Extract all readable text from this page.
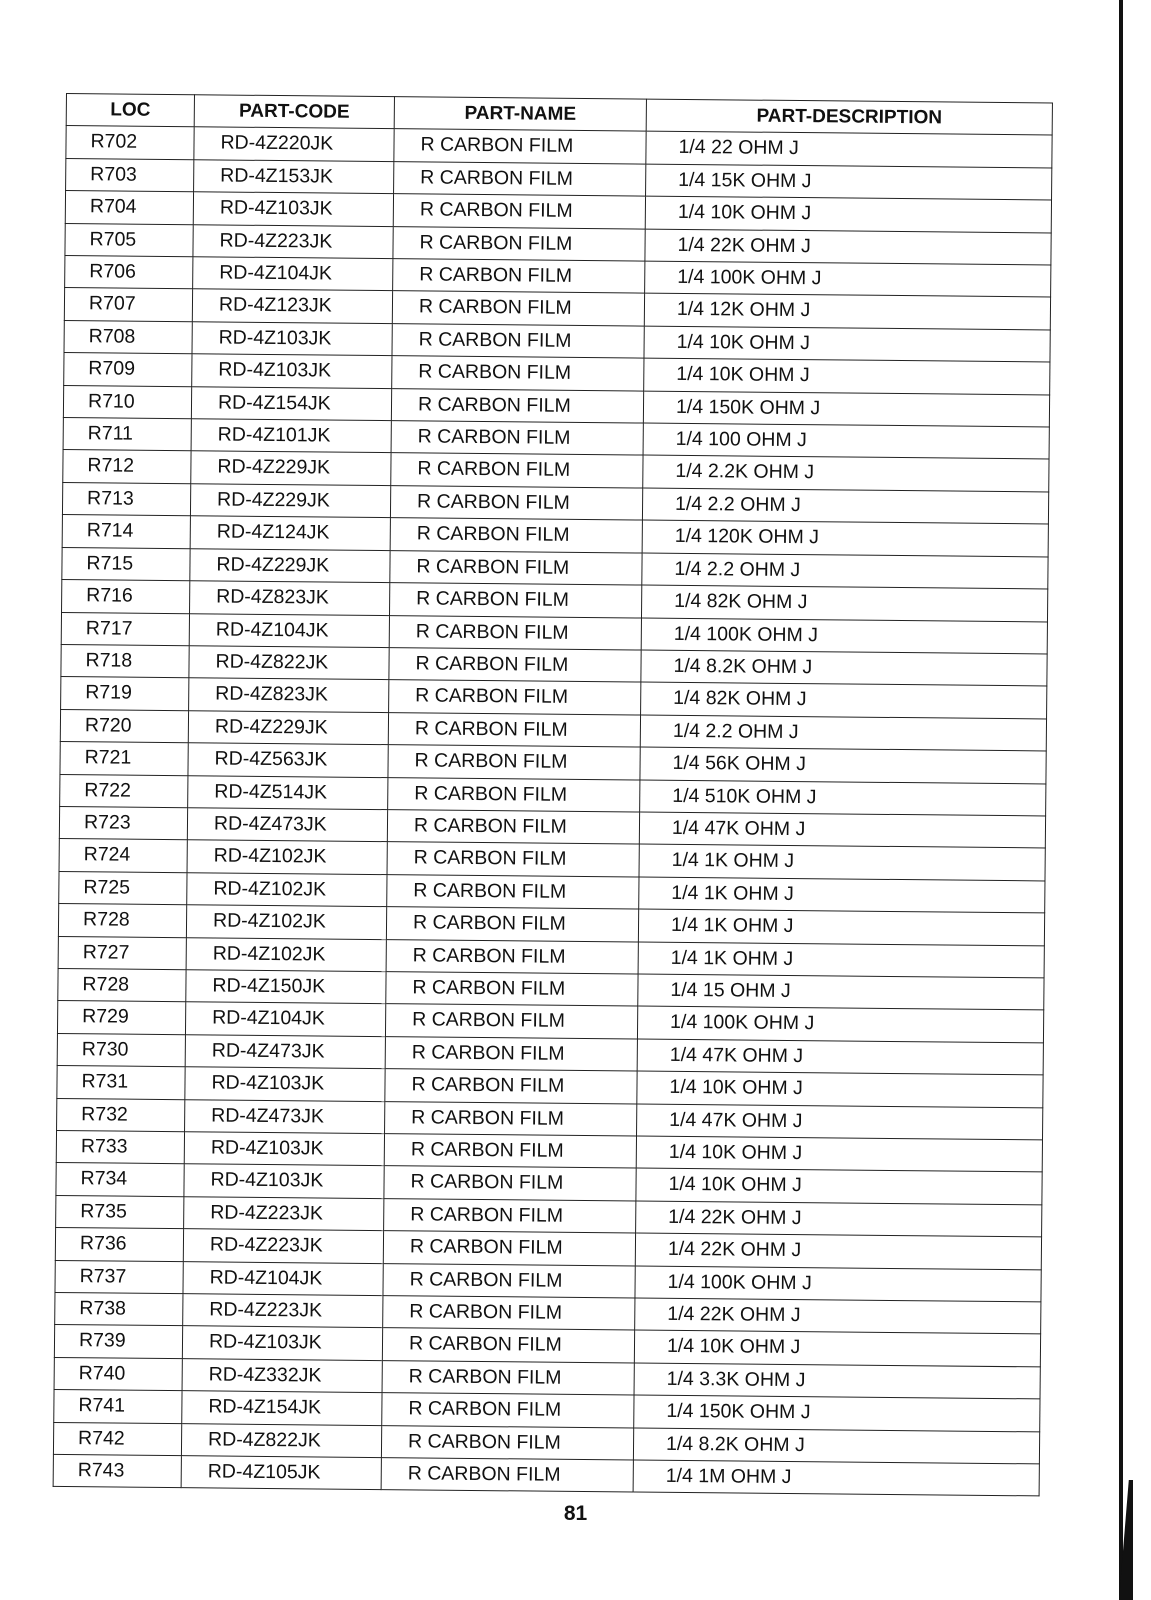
LOC	PART-CODE	PART-NAME	PART-DESCRIPTION
R702	RD-4Z220JK	R CARBON FILM	1/4 22 OHM J
R703	RD-4Z153JK	R CARBON FILM	1/4 15K OHM J
R704	RD-4Z103JK	R CARBON FILM	1/4 10K OHM J
R705	RD-4Z223JK	R CARBON FILM	1/4 22K OHM J
R706	RD-4Z104JK	R CARBON FILM	1/4 100K OHM J
R707	RD-4Z123JK	R CARBON FILM	1/4 12K OHM J
R708	RD-4Z103JK	R CARBON FILM	1/4 10K OHM J
R709	RD-4Z103JK	R CARBON FILM	1/4 10K OHM J
R710	RD-4Z154JK	R CARBON FILM	1/4 150K OHM J
R711	RD-4Z101JK	R CARBON FILM	1/4 100 OHM J
R712	RD-4Z229JK	R CARBON FILM	1/4 2.2K OHM J
R713	RD-4Z229JK	R CARBON FILM	1/4 2.2 OHM J
R714	RD-4Z124JK	R CARBON FILM	1/4 120K OHM J
R715	RD-4Z229JK	R CARBON FILM	1/4 2.2 OHM J
R716	RD-4Z823JK	R CARBON FILM	1/4 82K OHM J
R717	RD-4Z104JK	R CARBON FILM	1/4 100K OHM J
R718	RD-4Z822JK	R CARBON FILM	1/4 8.2K OHM J
R719	RD-4Z823JK	R CARBON FILM	1/4 82K OHM J
R720	RD-4Z229JK	R CARBON FILM	1/4 2.2 OHM J
R721	RD-4Z563JK	R CARBON FILM	1/4 56K OHM J
R722	RD-4Z514JK	R CARBON FILM	1/4 510K OHM J
R723	RD-4Z473JK	R CARBON FILM	1/4 47K OHM J
R724	RD-4Z102JK	R CARBON FILM	1/4 1K OHM J
R725	RD-4Z102JK	R CARBON FILM	1/4 1K OHM J
R728	RD-4Z102JK	R CARBON FILM	1/4 1K OHM J
R727	RD-4Z102JK	R CARBON FILM	1/4 1K OHM J
R728	RD-4Z150JK	R CARBON FILM	1/4 15 OHM J
R729	RD-4Z104JK	R CARBON FILM	1/4 100K OHM J
R730	RD-4Z473JK	R CARBON FILM	1/4 47K OHM J
R731	RD-4Z103JK	R CARBON FILM	1/4 10K OHM J
R732	RD-4Z473JK	R CARBON FILM	1/4 47K OHM J
R733	RD-4Z103JK	R CARBON FILM	1/4 10K OHM J
R734	RD-4Z103JK	R CARBON FILM	1/4 10K OHM J
R735	RD-4Z223JK	R CARBON FILM	1/4 22K OHM J
R736	RD-4Z223JK	R CARBON FILM	1/4 22K OHM J
R737	RD-4Z104JK	R CARBON FILM	1/4 100K OHM J
R738	RD-4Z223JK	R CARBON FILM	1/4 22K OHM J
R739	RD-4Z103JK	R CARBON FILM	1/4 10K OHM J
R740	RD-4Z332JK	R CARBON FILM	1/4 3.3K OHM J
R741	RD-4Z154JK	R CARBON FILM	1/4 150K OHM J
R742	RD-4Z822JK	R CARBON FILM	1/4 8.2K OHM J
R743	RD-4Z105JK	R CARBON FILM	1/4 1M OHM J
81
